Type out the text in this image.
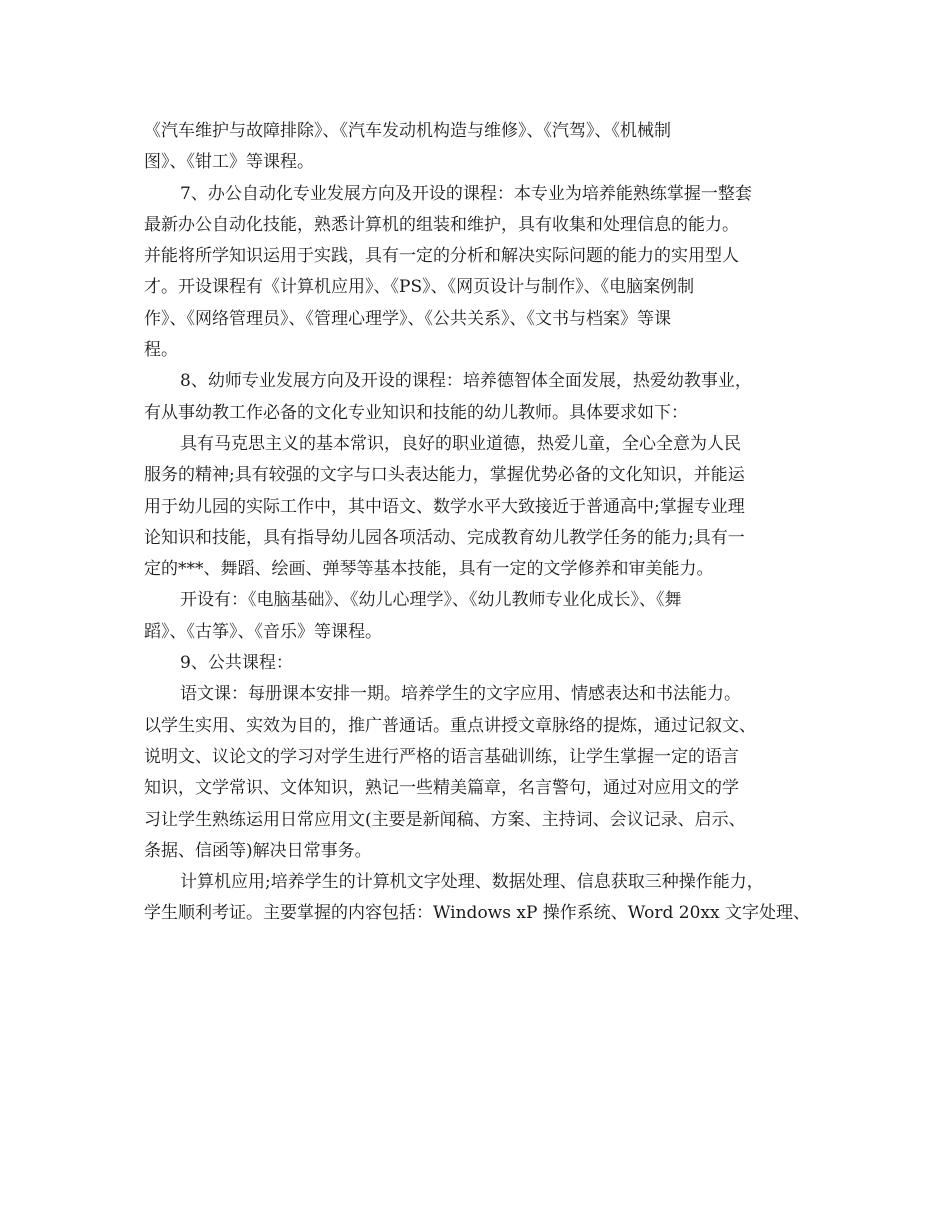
《汽车维护与故障排除》、《汽车发动机构造与维修》、《汽驾》、《机械制
图》、《钳工》等课程。
7、办公自动化专业发展方向及开设的课程：本专业为培养能熟练掌握一整套
最新办公自动化技能，熟悉计算机的组装和维护，具有收集和处理信息的能力。
并能将所学知识运用于实践，具有一定的分析和解决实际问题的能力的实用型人
才。开设课程有《计算机应用》、《PS》、《网页设计与制作》、《电脑案例制
作》、《网络管理员》、《管理心理学》、《公共关系》、《文书与档案》等课
程。
8、幼师专业发展方向及开设的课程：培养德智体全面发展，热爱幼教事业，
有从事幼教工作必备的文化专业知识和技能的幼儿教师。具体要求如下：
具有马克思主义的基本常识，良好的职业道德，热爱儿童，全心全意为人民
服务的精神;具有较强的文字与口头表达能力，掌握优势必备的文化知识，并能运
用于幼儿园的实际工作中，其中语文、数学水平大致接近于普通高中;掌握专业理
论知识和技能，具有指导幼儿园各项活动、完成教育幼儿教学任务的能力;具有一
定的***、舞蹈、绘画、弹琴等基本技能，具有一定的文学修养和审美能力。
开设有：《电脑基础》、《幼儿心理学》、《幼儿教师专业化成长》、《舞
蹈》、《古筝》、《音乐》等课程。
9、公共课程：
语文课：每册课本安排一期。培养学生的文字应用、情感表达和书法能力。
以学生实用、实效为目的，推广普通话。重点讲授文章脉络的提炼，通过记叙文、
说明文、议论文的学习对学生进行严格的语言基础训练，让学生掌握一定的语言
知识，文学常识、文体知识，熟记一些精美篇章，名言警句，通过对应用文的学
习让学生熟练运用日常应用文(主要是新闻稿、方案、主持词、会议记录、启示、
条据、信函等)解决日常事务。
计算机应用;培养学生的计算机文字处理、数据处理、信息获取三种操作能力，
学生顺利考证。主要掌握的内容包括：Windows xP 操作系统、Word 20xx 文字处理、
